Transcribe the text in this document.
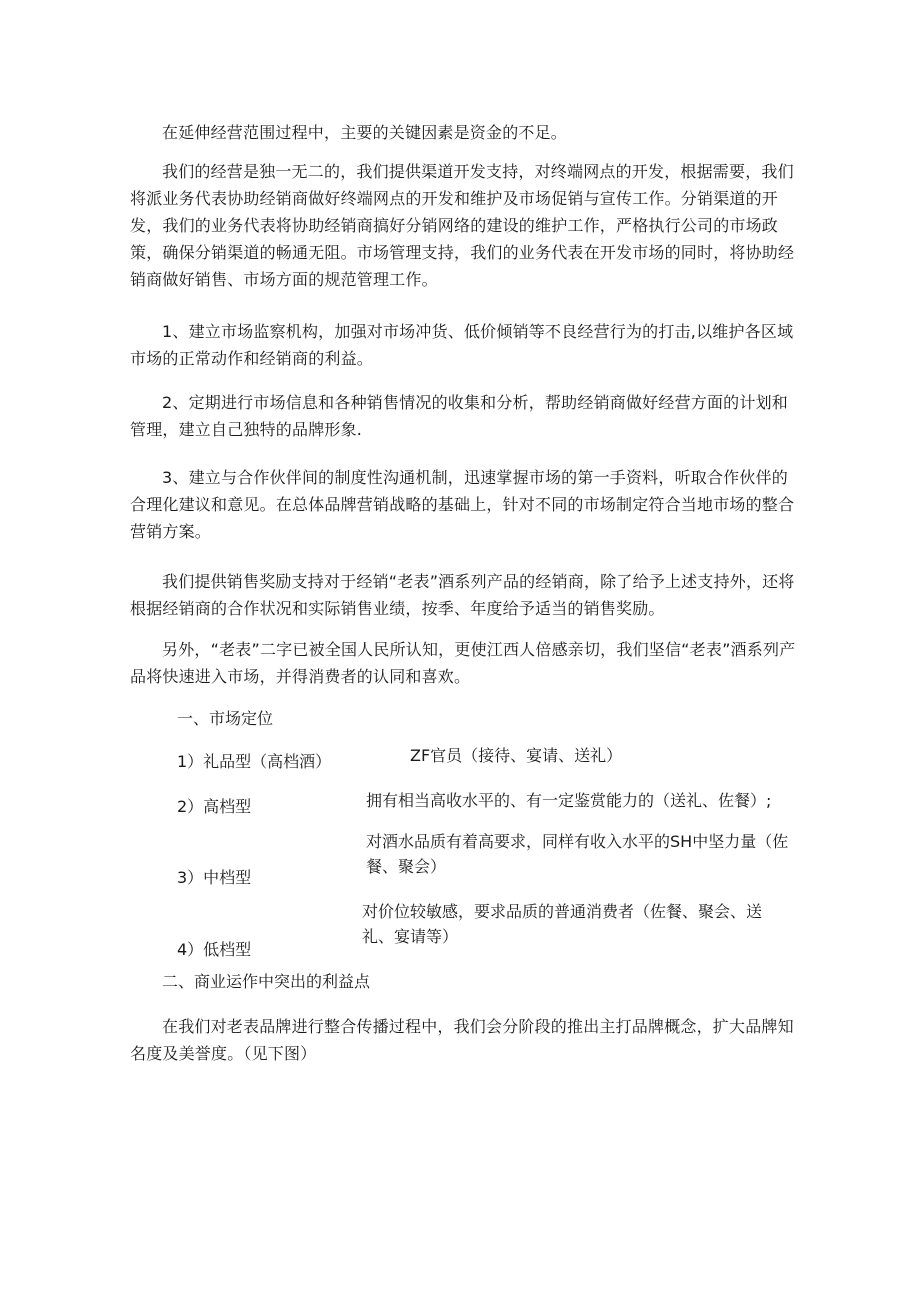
在延伸经营范围过程中，主要的关键因素是资金的不足。

我们的经营是独一无二的，我们提供渠道开发支持，对终端网点的开发，根据需要，我们将派业务代表协助经销商做好终端网点的开发和维护及市场促销与宣传工作。分销渠道的开发，我们的业务代表将协助经销商搞好分销网络的建设的维护工作，严格执行公司的市场政策，确保分销渠道的畅通无阻。市场管理支持，我们的业务代表在开发市场的同时，将协助经销商做好销售、市场方面的规范管理工作。

1、建立市场监察机构，加强对市场冲货、低价倾销等不良经营行为的打击,以维护各区域市场的正常动作和经销商的利益。

2、定期进行市场信息和各种销售情况的收集和分析，帮助经销商做好经营方面的计划和管理，建立自己独特的品牌形象.

3、建立与合作伙伴间的制度性沟通机制，迅速掌握市场的第一手资料，听取合作伙伴的合理化建议和意见。在总体品牌营销战略的基础上，针对不同的市场制定符合当地市场的整合营销方案。

我们提供销售奖励支持对于经销“老表”酒系列产品的经销商，除了给予上述支持外，还将根据经销商的合作状况和实际销售业绩，按季、年度给予适当的销售奖励。

另外，“老表”二字已被全国人民所认知，更使江西人倍感亲切，我们坚信“老表”酒系列产品将快速进入市场，并得消费者的认同和喜欢。

一、市场定位

1）礼品型（高档酒）	ZF官员（接待、宴请、送礼）

2）高档型	拥有相当高收水平的、有一定鉴赏能力的（送礼、佐餐）;

对酒水品质有着高要求，同样有收入水平的SH中坚力量（佐餐、聚会）

3）中档型

对价位较敏感，要求品质的普通消费者（佐餐、聚会、送礼、宴请等）

4）低档型

二、商业运作中突出的利益点

在我们对老表品牌进行整合传播过程中，我们会分阶段的推出主打品牌概念，扩大品牌知名度及美誉度。（见下图）
